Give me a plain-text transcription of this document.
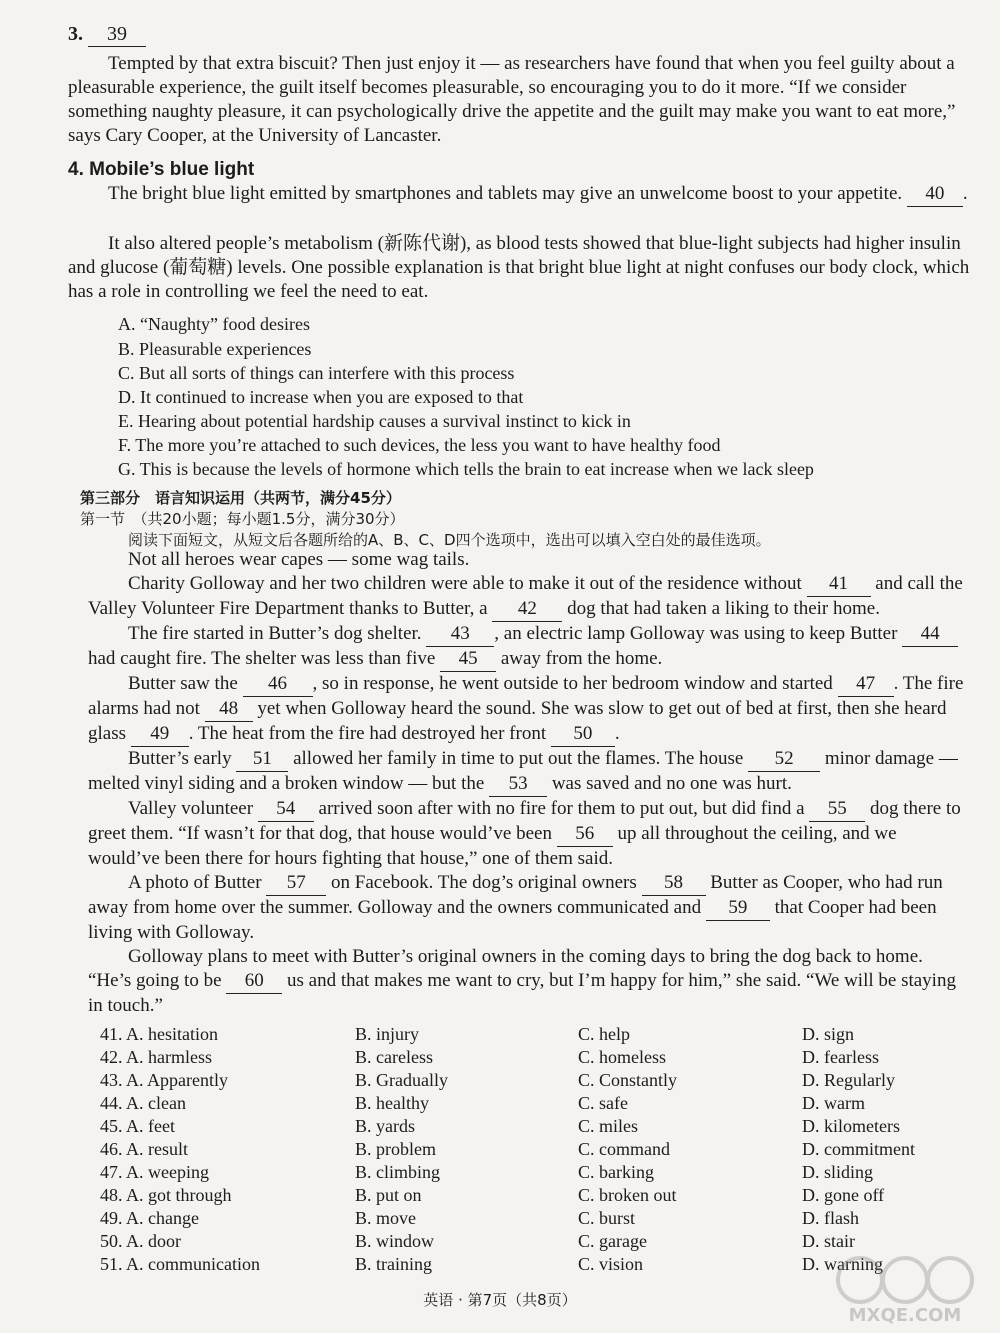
3. 39

Tempted by that extra biscuit? Then just enjoy it — as researchers have found that when you feel guilty about a pleasurable experience, the guilt itself becomes pleasurable, so encouraging you to do it more. “If we consider something naughty pleasure, it can psychologically drive the appetite and the guilt may make you want to eat more,” says Cary Cooper, at the University of Lancaster.

4. Mobile’s blue light

The bright blue light emitted by smartphones and tablets may give an unwelcome boost to your appetite. 40 .

It also altered people’s metabolism (新陈代谢), as blood tests showed that blue-light subjects had higher insulin and glucose (葡萄糖) levels. One possible explanation is that bright blue light at night confuses our body clock, which has a role in controlling we feel the need to eat.

A. “Naughty” food desires
B. Pleasurable experiences
C. But all sorts of things can interfere with this process
D. It continued to increase when you are exposed to that
E. Hearing about potential hardship causes a survival instinct to kick in
F. The more you’re attached to such devices, the less you want to have healthy food
G. This is because the levels of hormone which tells the brain to eat increase when we lack sleep
第三部分　语言知识运用（共两节，满分45分）
第一节　（共20小题；每小题1.5分，满分30分）
阅读下面短文，从短文后各题所给的A、B、C、D四个选项中，选出可以填入空白处的最佳选项。

Not all heroes wear capes — some wag tails.

Charity Golloway and her two children were able to make it out of the residence without 41 and call the Valley Volunteer Fire Department thanks to Butter, a 42 dog that had taken a liking to their home.

The fire started in Butter’s dog shelter. 43 , an electric lamp Golloway was using to keep Butter 44 had caught fire. The shelter was less than five 45 away from the home.

Butter saw the 46 , so in response, he went outside to her bedroom window and started 47 . The fire alarms had not 48 yet when Golloway heard the sound. She was slow to get out of bed at first, then she heard glass 49 . The heat from the fire had destroyed her front 50 .

Butter’s early 51 allowed her family in time to put out the flames. The house 52 minor damage — melted vinyl siding and a broken window — but the 53 was saved and no one was hurt.

Valley volunteer 54 arrived soon after with no fire for them to put out, but did find a 55 dog there to greet them. “If wasn’t for that dog, that house would’ve been 56 up all throughout the ceiling, and we would’ve been there for hours fighting that house,” one of them said.

A photo of Butter 57 on Facebook. The dog’s original owners 58 Butter as Cooper, who had run away from home over the summer. Golloway and the owners communicated and 59 that Cooper had been living with Golloway.

Golloway plans to meet with Butter’s original owners in the coming days to bring the dog back to home. “He’s going to be 60 us and that makes me want to cry, but I’m happy for him,” she said. “We will be staying in touch.”

41. A. hesitation	B. injury	C. help	D. sign
42. A. harmless	B. careless	C. homeless	D. fearless
43. A. Apparently	B. Gradually	C. Constantly	D. Regularly
44. A. clean	B. healthy	C. safe	D. warm
45. A. feet	B. yards	C. miles	D. kilometers
46. A. result	B. problem	C. command	D. commitment
47. A. weeping	B. climbing	C. barking	D. sliding
48. A. got through	B. put on	C. broken out	D. gone off
49. A. change	B. move	C. burst	D. flash
50. A. door	B. window	C. garage	D. stair
51. A. communication	B. training	C. vision	D. warning
英语 · 第7页（共8页）
MXQE.COM
